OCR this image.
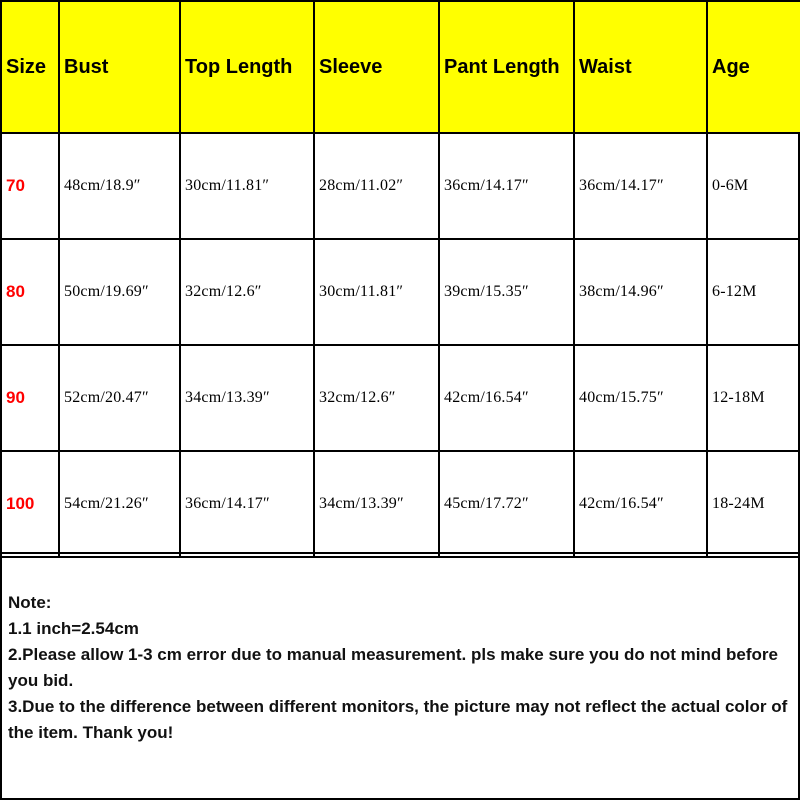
Size	Bust	Top Length	Sleeve	Pant Length	Waist	Age
70	48cm/18.9″	30cm/11.81″	28cm/11.02″	36cm/14.17″	36cm/14.17″	0-6M
80	50cm/19.69″	32cm/12.6″	30cm/11.81″	39cm/15.35″	38cm/14.96″	6-12M
90	52cm/20.47″	34cm/13.39″	32cm/12.6″	42cm/16.54″	40cm/15.75″	12-18M
100	54cm/21.26″	36cm/14.17″	34cm/13.39″	45cm/17.72″	42cm/16.54″	18-24M
Note:
1.1 inch=2.54cm
2.Please allow 1-3 cm error due to manual measurement. pls make sure you do not mind before you bid.
3.Due to the difference between different monitors, the picture may not reflect the actual color of the item. Thank you!
